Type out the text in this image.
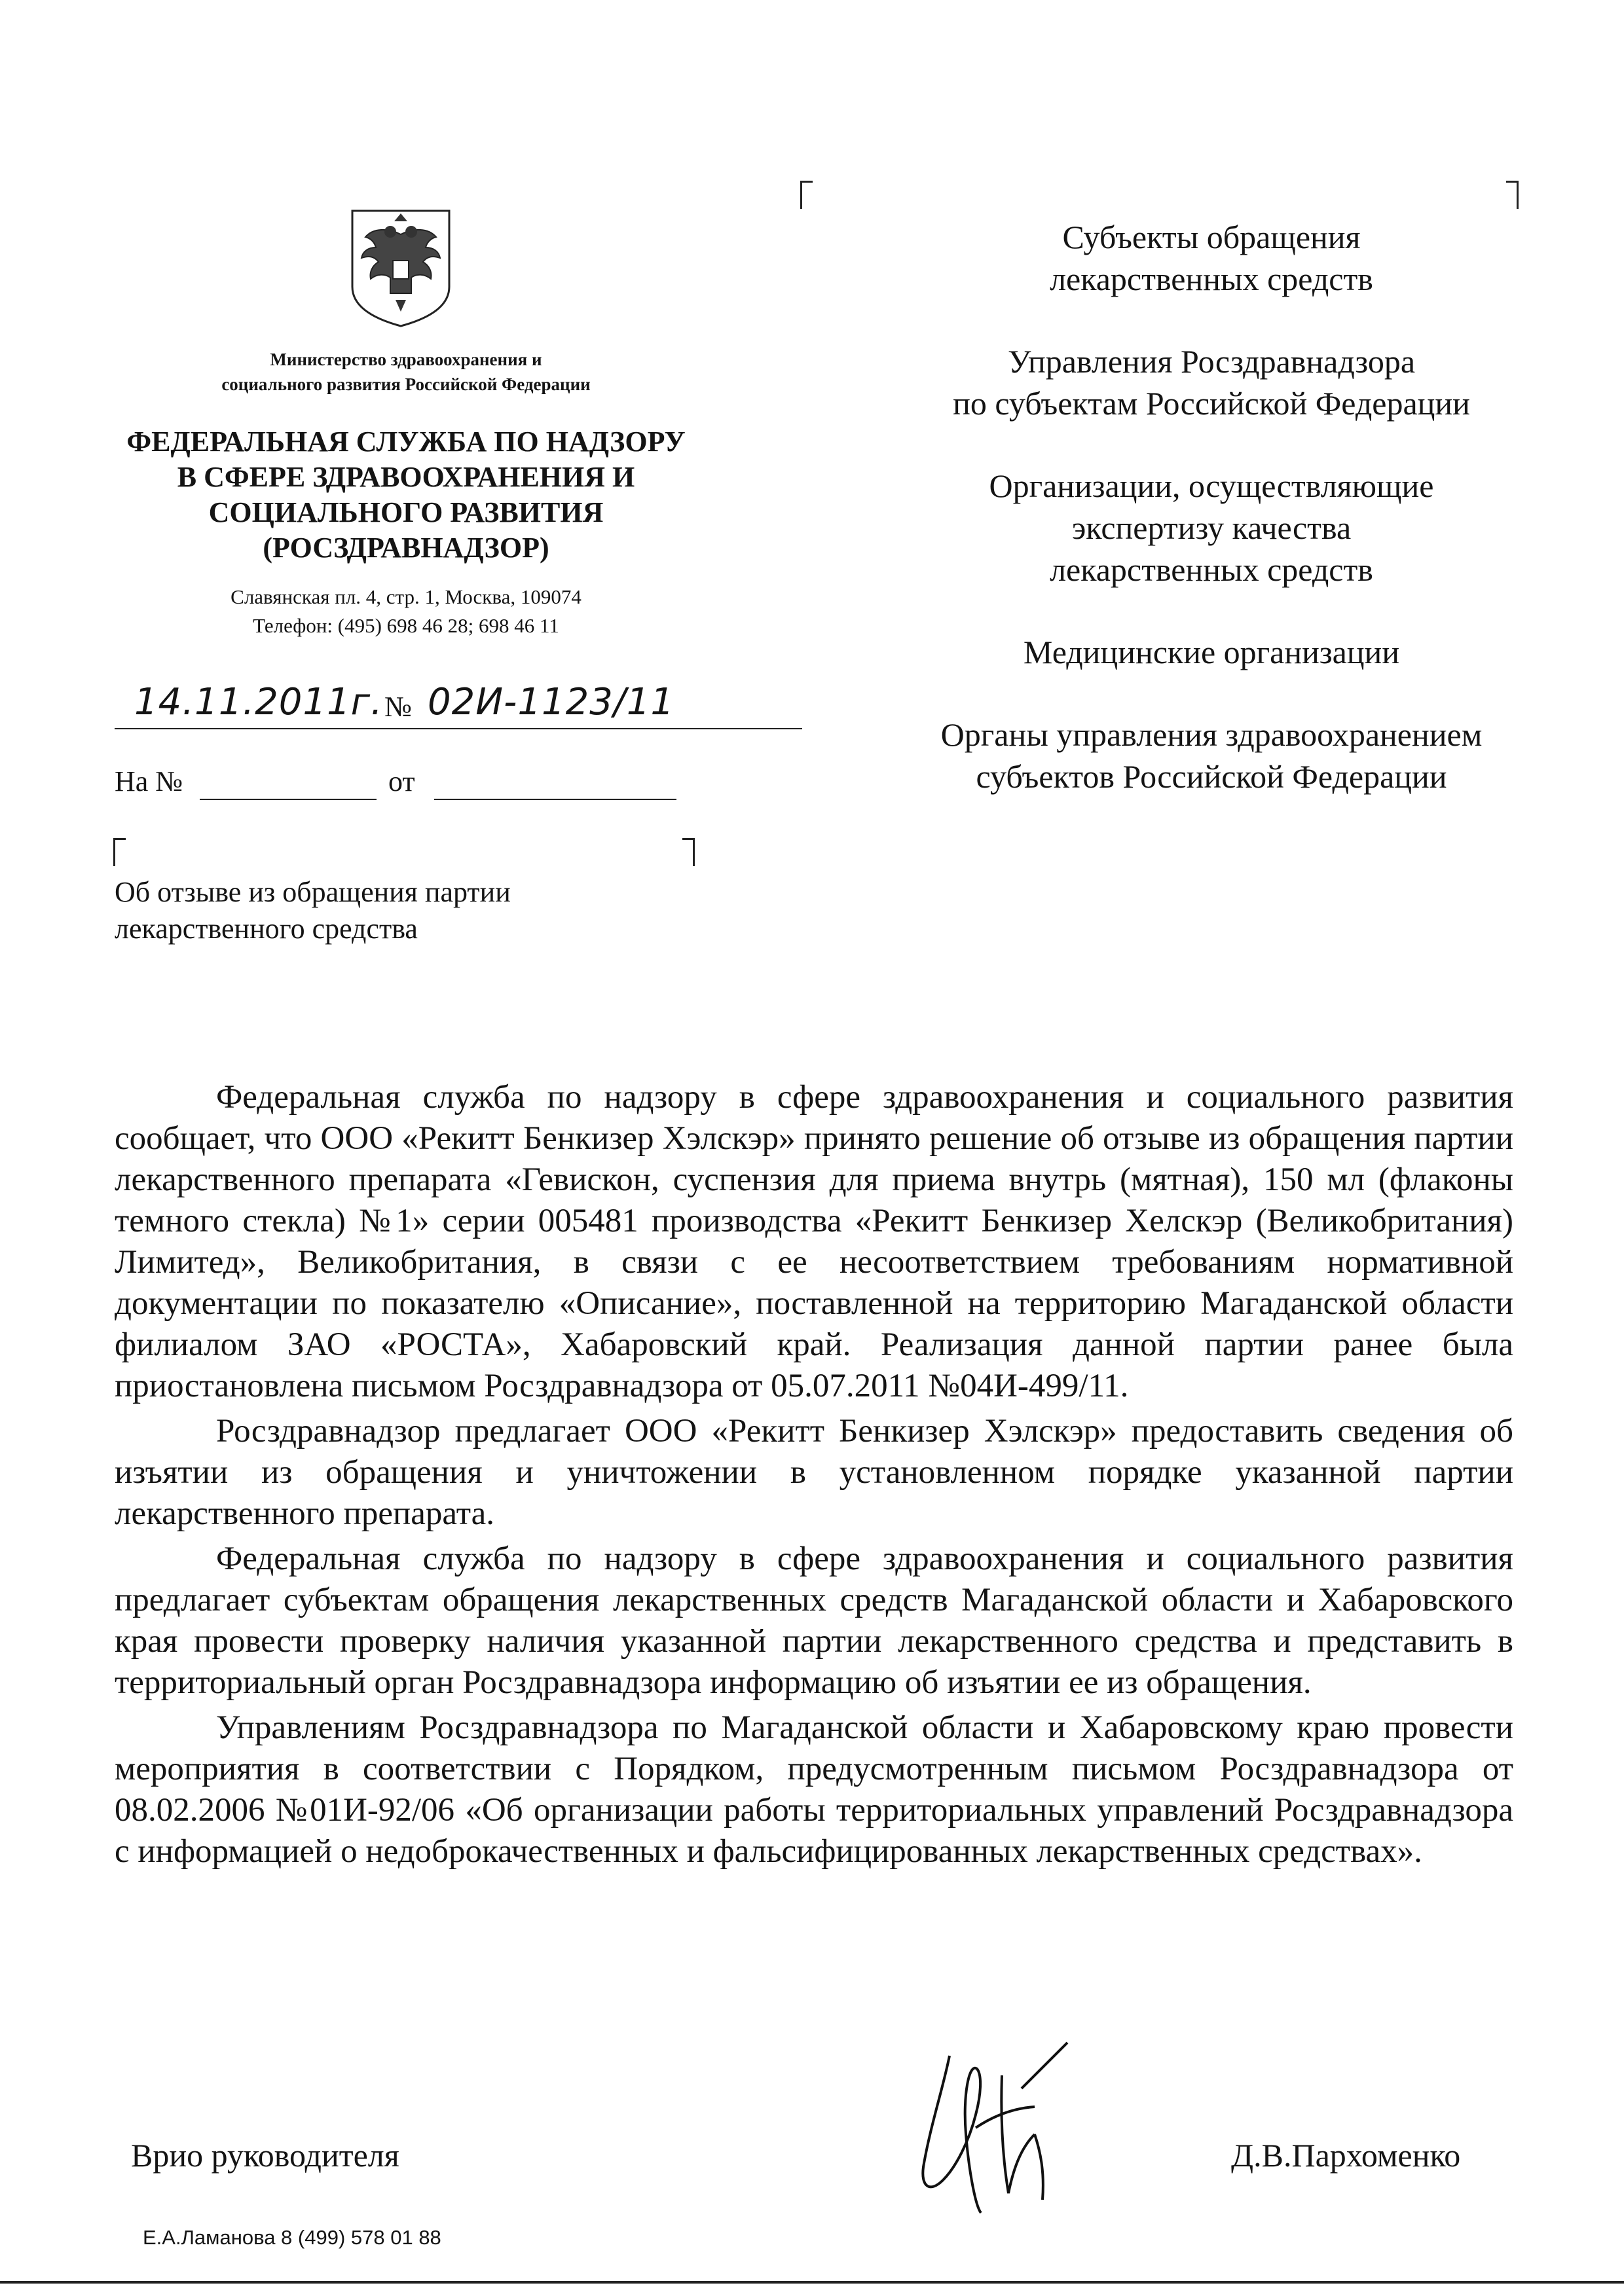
Министерство здравоохранения и
социального развития Российской Федерации
ФЕДЕРАЛЬНАЯ СЛУЖБА ПО НАДЗОРУ
В СФЕРЕ ЗДРАВООХРАНЕНИЯ И
СОЦИАЛЬНОГО РАЗВИТИЯ
(РОСЗДРАВНАДЗОР)
Славянская пл. 4, стр. 1, Москва, 109074
Телефон: (495) 698 46 28; 698 46 11
14.11.2011г. № 02И-1123/11
На №	от
Об отзыве из обращения партии
лекарственного средства
Субъекты обращения
лекарственных средств
Управления Росздравнадзора
по субъектам Российской Федерации
Организации, осуществляющие
экспертизу качества
лекарственных средств
Медицинские организации
Органы управления здравоохранением
субъектов Российской Федерации

Федеральная служба по надзору в сфере здравоохранения и социального развития сообщает, что ООО «Рекитт Бенкизер Хэлскэр» принято решение об отзыве из обращения партии лекарственного препарата «Гевискон, суспензия для приема внутрь (мятная), 150 мл (флаконы темного стекла) №1» серии 005481 производства «Рекитт Бенкизер Хелскэр (Великобритания) Лимитед», Великобритания, в связи с ее несоответствием требованиям нормативной документации по показателю «Описание», поставленной на территорию Магаданской области филиалом ЗАО «РОСТА», Хабаровский край. Реализация данной партии ранее была приостановлена письмом Росздравнадзора от 05.07.2011 №04И-499/11.

Росздравнадзор предлагает ООО «Рекитт Бенкизер Хэлскэр» предоставить сведения об изъятии из обращения и уничтожении в установленном порядке указанной партии лекарственного препарата.

Федеральная служба по надзору в сфере здравоохранения и социального развития предлагает субъектам обращения лекарственных средств Магаданской области и Хабаровского края провести проверку наличия указанной партии лекарственного средства и представить в территориальный орган Росздравнадзора информацию об изъятии ее из обращения.

Управлениям Росздравнадзора по Магаданской области и Хабаровскому краю провести мероприятия в соответствии с Порядком, предусмотренным письмом Росздравнадзора от 08.02.2006 №01И-92/06 «Об организации работы территориальных управлений Росздравнадзора с информацией о недоброкачественных и фальсифицированных лекарственных средствах».

Врио руководителя	Д.В.Пархоменко
Е.А.Ламанова 8 (499) 578 01 88
